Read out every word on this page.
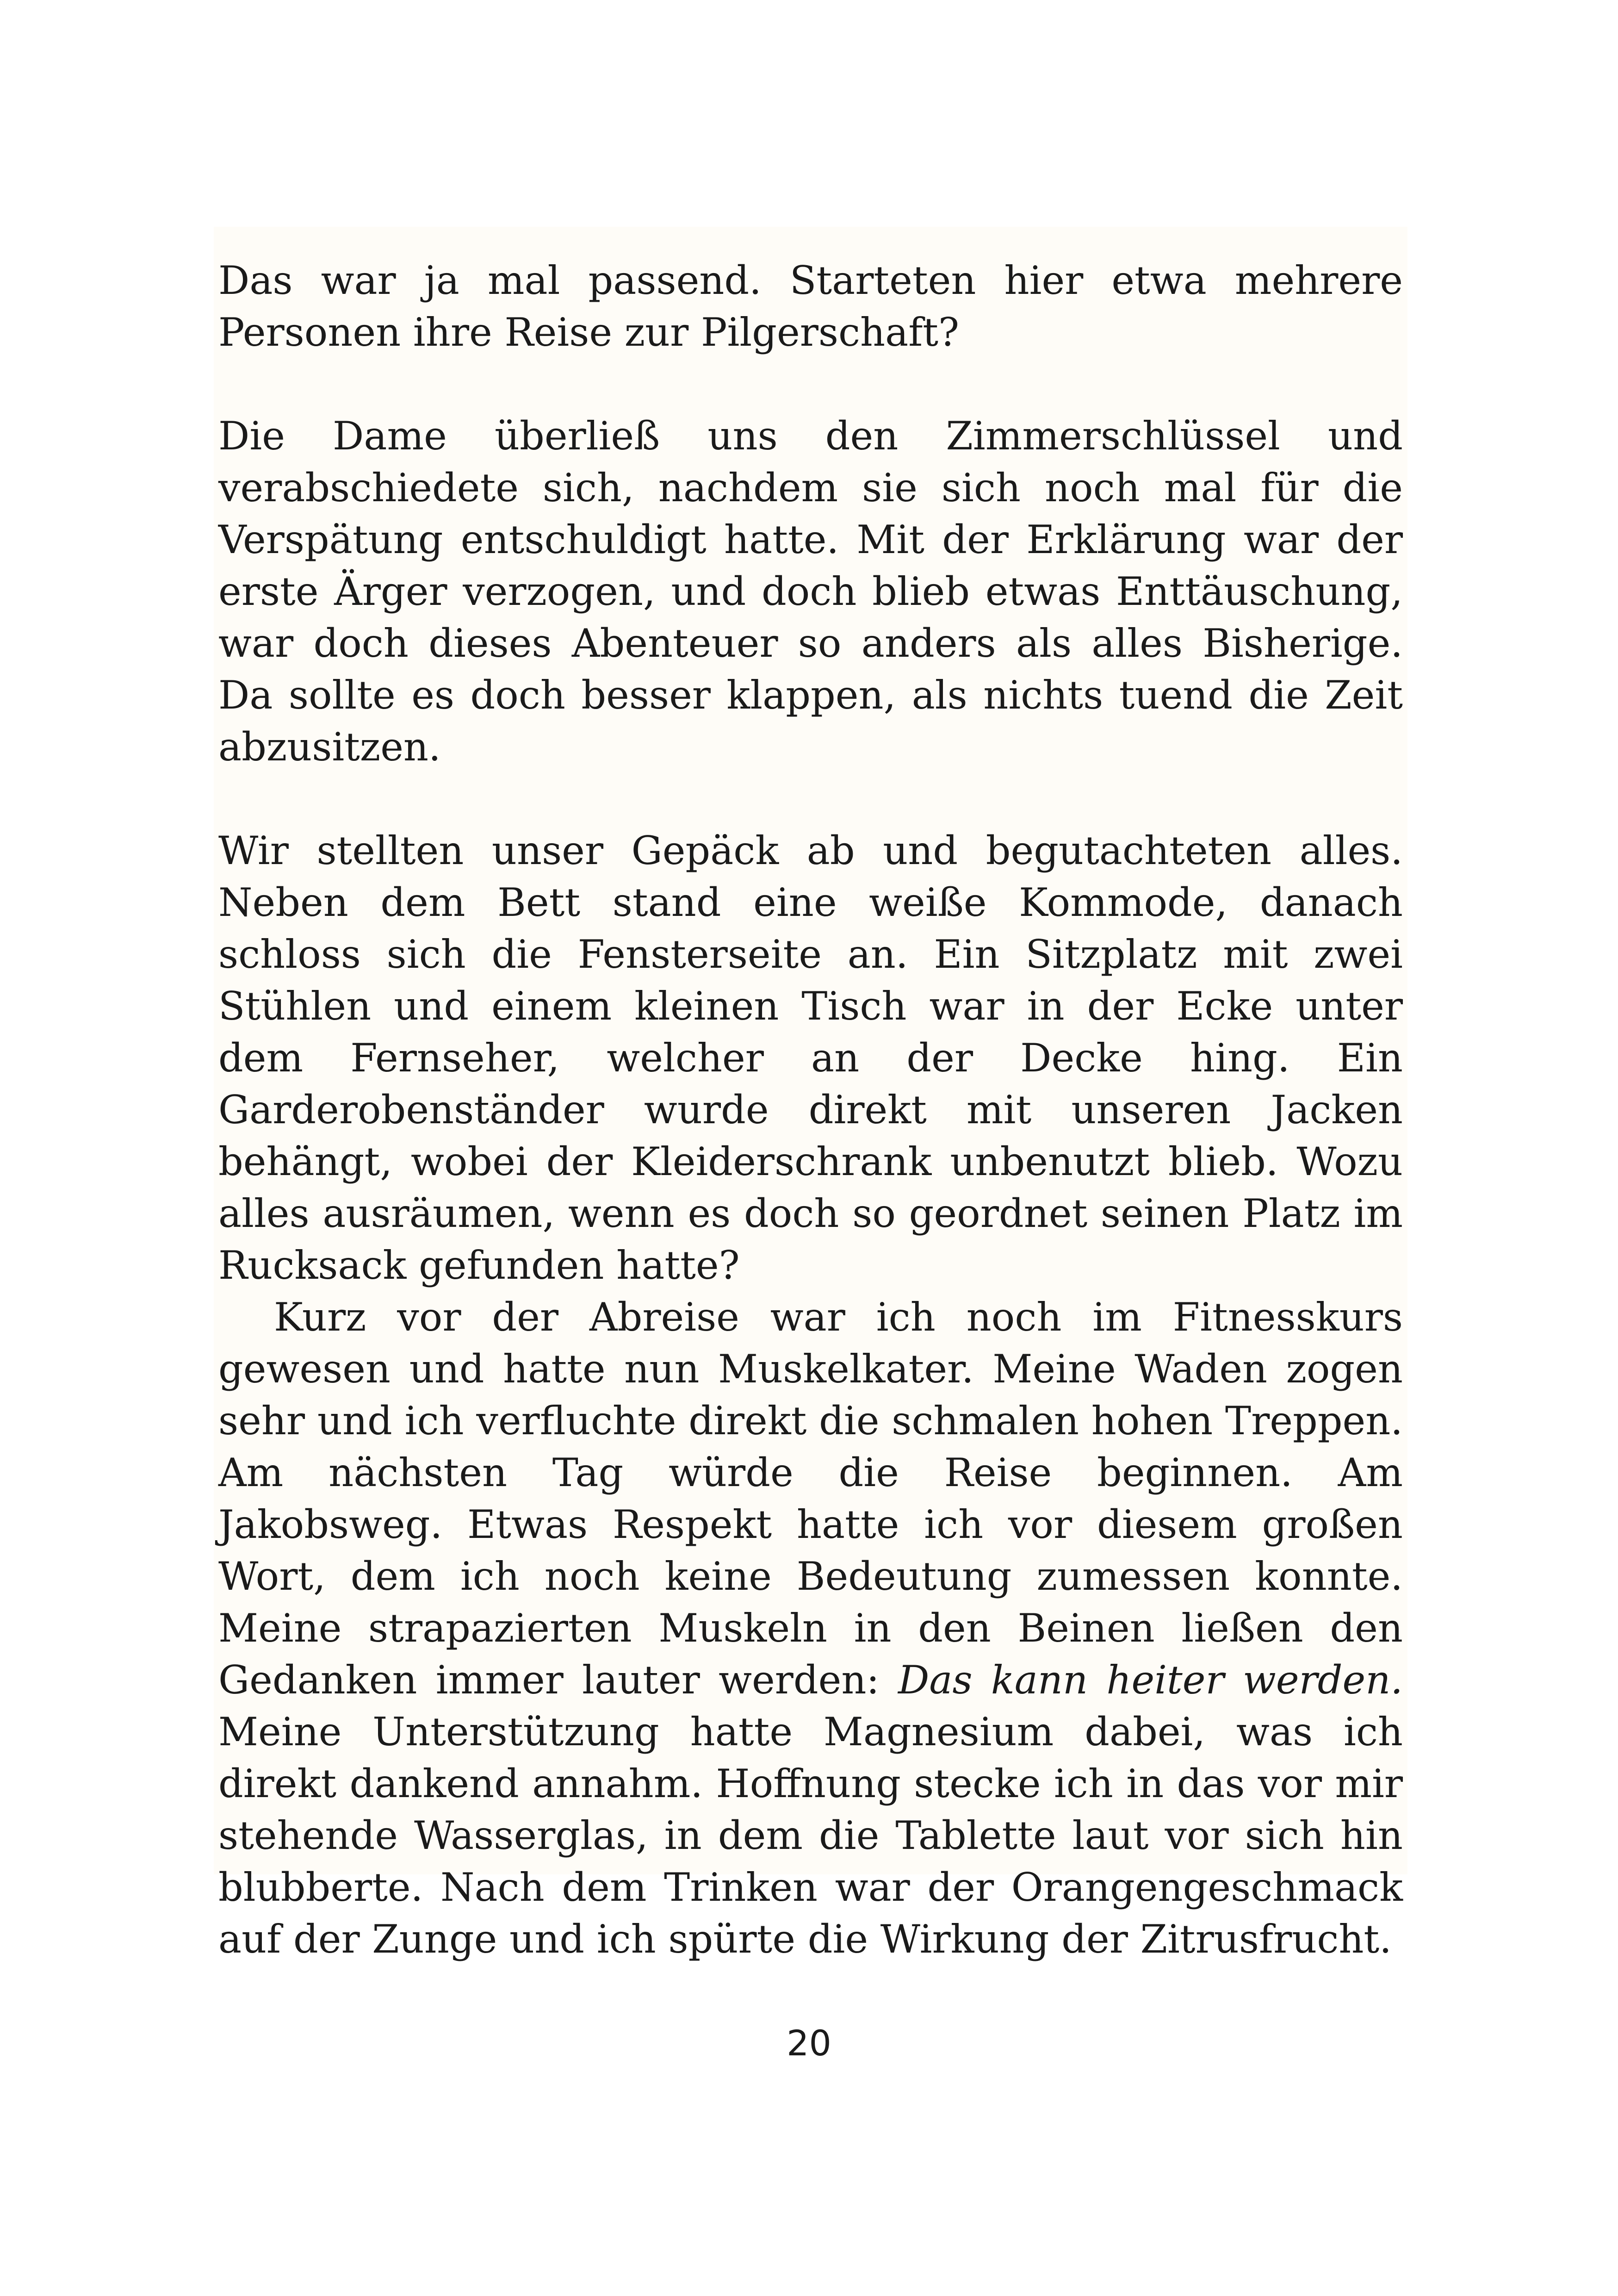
Das war ja mal passend. Starteten hier etwa mehrere Personen ihre Reise zur Pilgerschaft?

Die Dame überließ uns den Zimmerschlüssel und verabschiedete sich, nachdem sie sich noch mal für die Verspätung entschuldigt hatte. Mit der Erklärung war der erste Ärger verzogen, und doch blieb etwas Enttäuschung, war doch dieses Abenteuer so anders als alles Bisherige. Da sollte es doch besser klappen, als nichts tuend die Zeit abzusitzen.

Wir stellten unser Gepäck ab und begutachteten alles. Neben dem Bett stand eine weiße Kommode, danach schloss sich die Fensterseite an. Ein Sitzplatz mit zwei Stühlen und einem kleinen Tisch war in der Ecke unter dem Fernseher, welcher an der Decke hing. Ein Garderobenständer wurde direkt mit unseren Jacken behängt, wobei der Kleiderschrank unbenutzt blieb. Wozu alles ausräumen, wenn es doch so geordnet seinen Platz im Rucksack gefunden hatte?

Kurz vor der Abreise war ich noch im Fitnesskurs gewesen und hatte nun Muskelkater. Meine Waden zogen sehr und ich verfluchte direkt die schmalen hohen Treppen. Am nächsten Tag würde die Reise beginnen. Am Jakobsweg. Etwas Respekt hatte ich vor diesem großen Wort, dem ich noch keine Bedeutung zumessen konnte. Meine strapazierten Muskeln in den Beinen ließen den Gedanken immer lauter werden: Das kann heiter werden. Meine Unterstützung hatte Magnesium dabei, was ich direkt dankend annahm. Hoffnung stecke ich in das vor mir stehende Wasserglas, in dem die Tablette laut vor sich hin blubberte. Nach dem Trinken war der Orangengeschmack auf der Zunge und ich spürte die Wirkung der Zitrusfrucht.

20
